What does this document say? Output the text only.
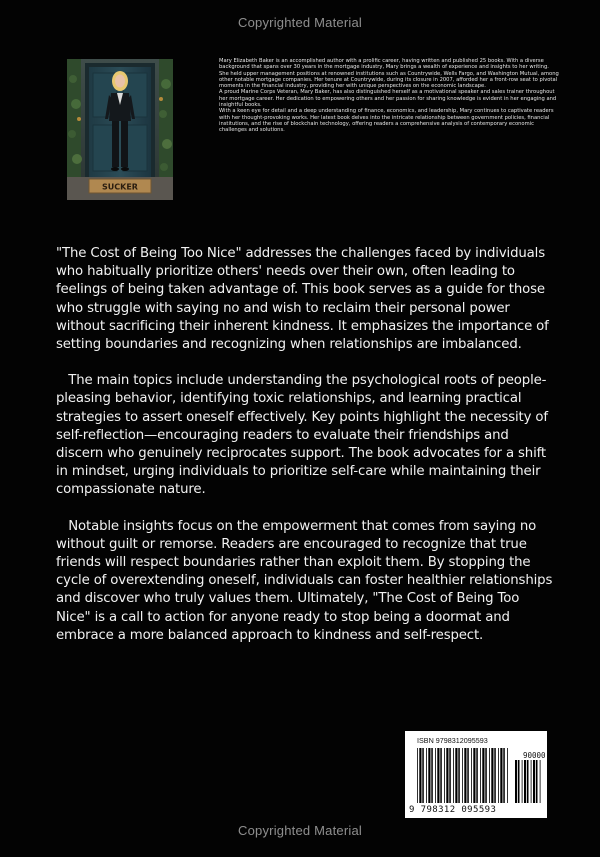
Copyrighted Material
SUCKER

Mary Elizabeth Baker is an accomplished author with a prolific career, having written and published 25 books. With a diverse background that spans over 30 years in the mortgage industry, Mary brings a wealth of experience and insights to her writing. She held upper management positions at renowned institutions such as Countrywide, Wells Fargo, and Washington Mutual, among other notable mortgage companies. Her tenure at Countrywide, during its closure in 2007, afforded her a front-row seat to pivotal moments in the financial industry, providing her with unique perspectives on the economic landscape.

A proud Marine Corps Veteran, Mary Baker, has also distinguished herself as a motivational speaker and sales trainer throughout her mortgage career. Her dedication to empowering others and her passion for sharing knowledge is evident in her engaging and insightful books.

With a keen eye for detail and a deep understanding of finance, economics, and leadership, Mary continues to captivate readers with her thought-provoking works. Her latest book delves into the intricate relationship between government policies, financial institutions, and the rise of blockchain technology, offering readers a comprehensive analysis of contemporary economic challenges and solutions.

"The Cost of Being Too Nice" addresses the challenges faced by individuals who habitually prioritize others' needs over their own, often leading to feelings of being taken advantage of. This book serves as a guide for those who struggle with saying no and wish to reclaim their personal power without sacrificing their inherent kindness. It emphasizes the importance of setting boundaries and recognizing when relationships are imbalanced.

The main topics include understanding the psychological roots of people-pleasing behavior, identifying toxic relationships, and learning practical strategies to assert oneself effectively. Key points highlight the necessity of self-reflection—encouraging readers to evaluate their friendships and discern who genuinely reciprocates support. The book advocates for a shift in mindset, urging individuals to prioritize self-care while maintaining their compassionate nature.

Notable insights focus on the empowerment that comes from saying no without guilt or remorse. Readers are encouraged to recognize that true friends will respect boundaries rather than exploit them. By stopping the cycle of overextending oneself, individuals can foster healthier relationships and discover who truly values them. Ultimately, "The Cost of Being Too Nice" is a call to action for anyone ready to stop being a doormat and embrace a more balanced approach to kindness and self-respect.

ISBN 9798312095593
90000
9 798312 095593
Copyrighted Material
